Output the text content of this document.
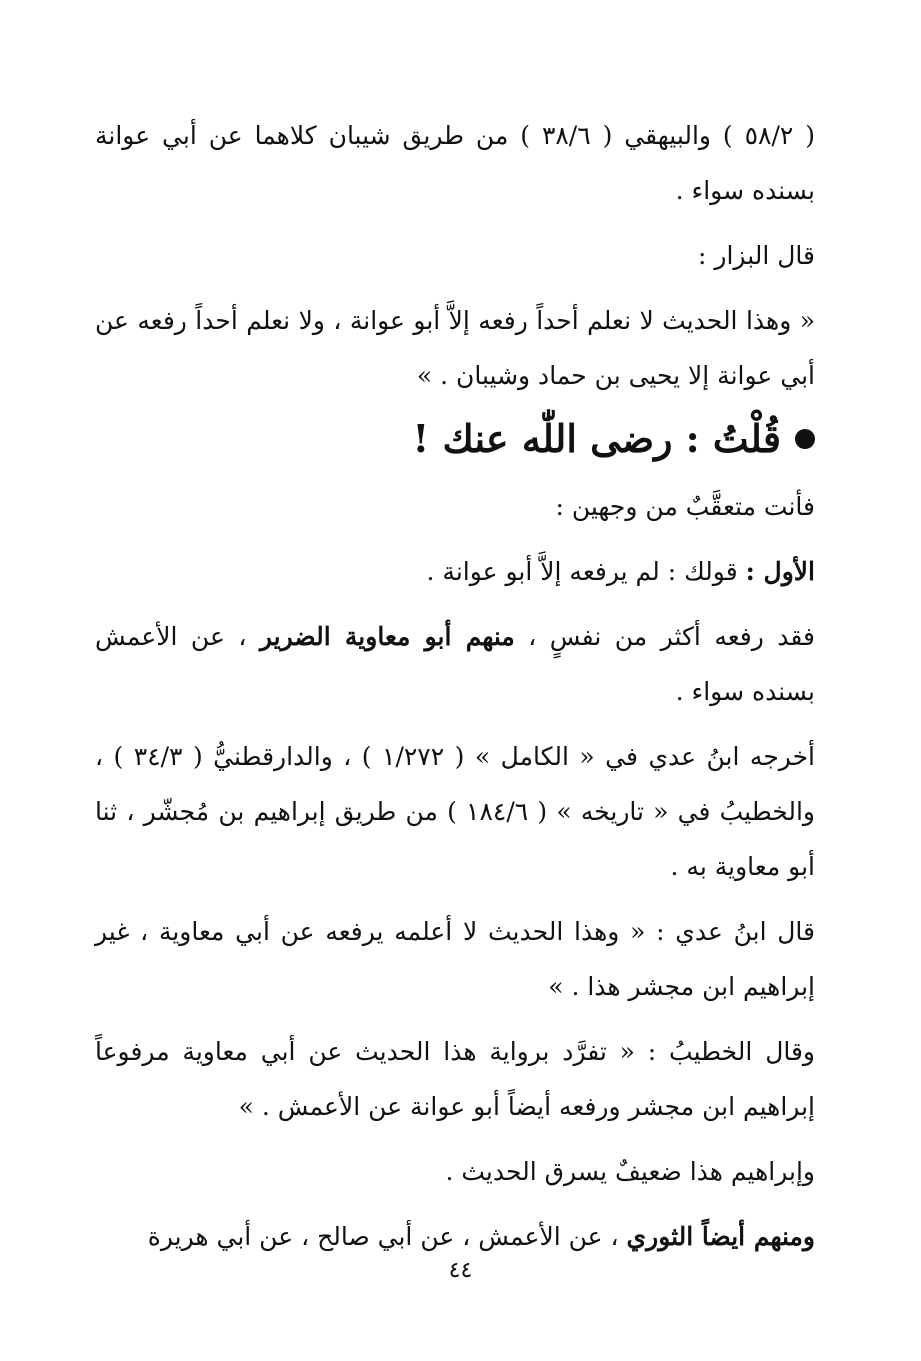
( ٥٨/٢ ) والبيهقي ( ٣٨/٦ ) من طريق شيبان كلاهما عن أبي عوانة بسنده سواء .

قال البزار :

« وهذا الحديث لا نعلم أحداً رفعه إلاَّ أبو عوانة ، ولا نعلم أحداً رفعه عن أبي عوانة إلا يحيى بن حماد وشيبان . »

قُلْتُ : رضى اللّٰه عنك !

فأنت متعقَّبٌ من وجهين :

الأول : قولك : لم يرفعه إلاَّ أبو عوانة .

فقد رفعه أكثر من نفسٍ ، منهم أبو معاوية الضرير ، عن الأعمش بسنده سواء .

أخرجه ابنُ عدي في « الكامل » ( ١/٢٧٢ ) ، والدارقطنيُّ ( ٣٤/٣ ) ، والخطيبُ في « تاريخه » ( ١٨٤/٦ ) من طريق إبراهيم بن مُجشّر ، ثنا أبو معاوية به .

قال ابنُ عدي : « وهذا الحديث لا أعلمه يرفعه عن أبي معاوية ، غير إبراهيم ابن مجشر هذا . »

وقال الخطيبُ : « تفرَّد برواية هذا الحديث عن أبي معاوية مرفوعاً إبراهيم ابن مجشر ورفعه أيضاً أبو عوانة عن الأعمش . »

وإبراهيم هذا ضعيفٌ يسرق الحديث .

ومنهم أيضاً الثوري ، عن الأعمش ، عن أبي صالح ، عن أبي هريرة

٤٤
